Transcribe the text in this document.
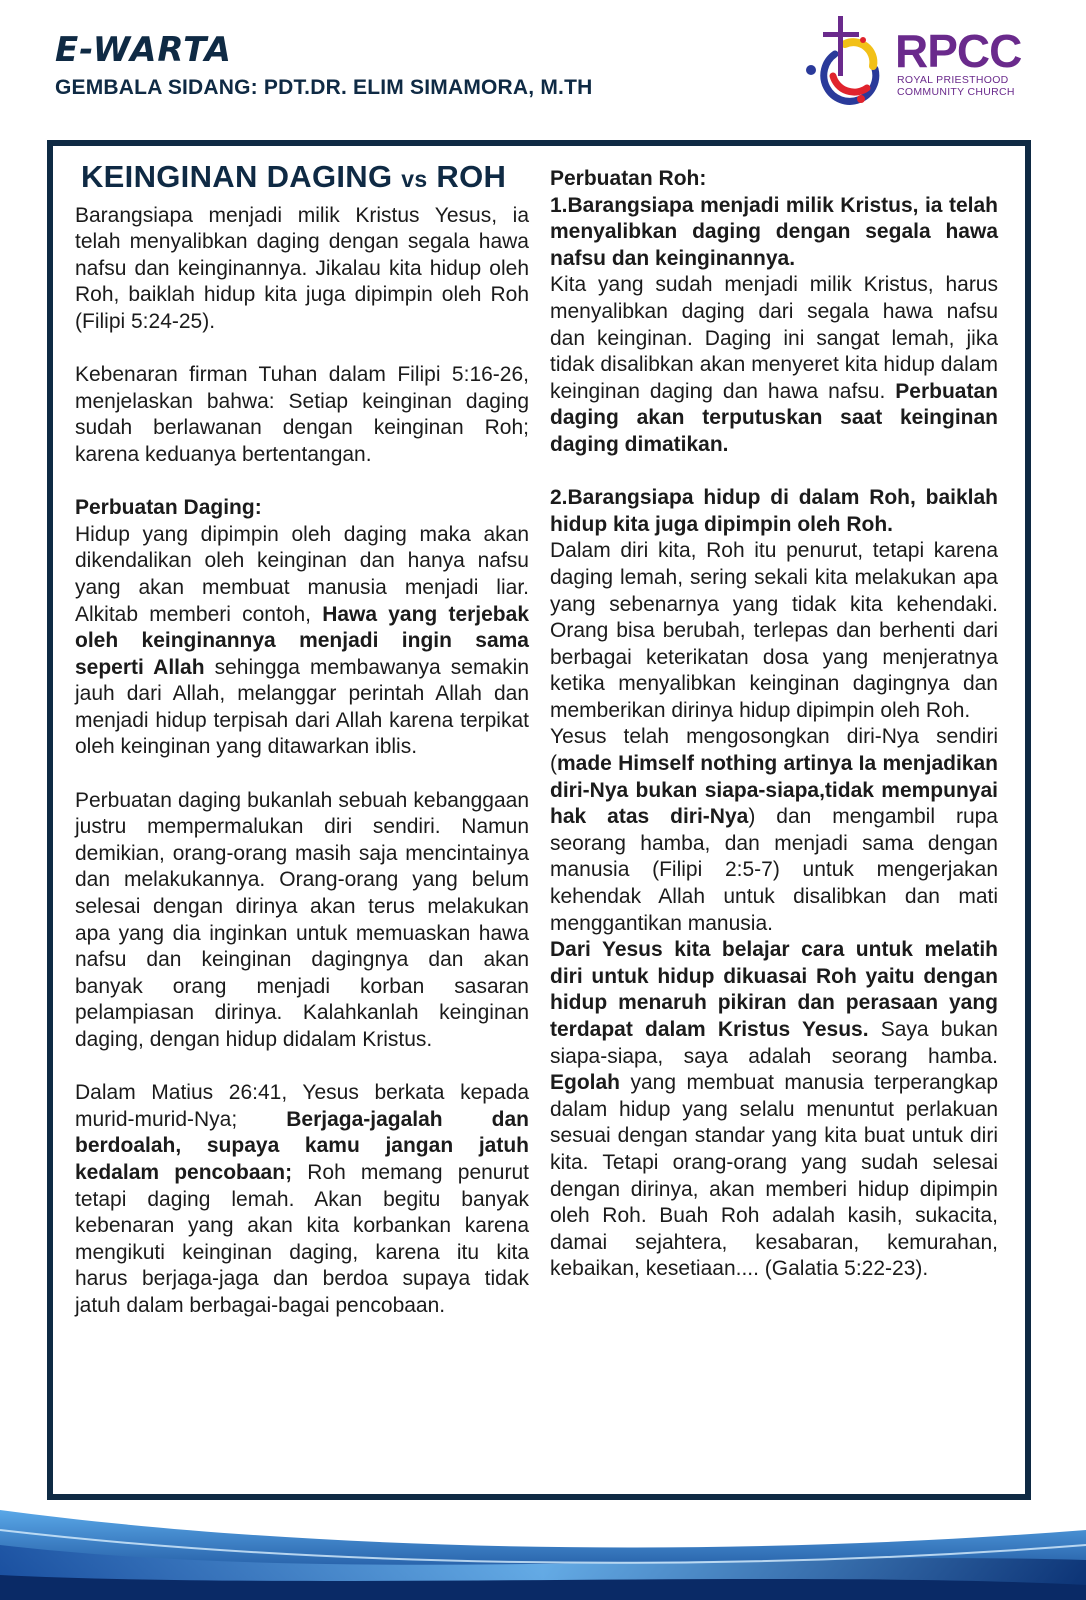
E-WARTA
GEMBALA SIDANG: PDT.DR. ELIM SIMAMORA, M.TH
RPCC
ROYAL PRIESTHOOD
COMMUNITY CHURCH
KEINGINAN DAGING vs ROH

Barangsiapa menjadi milik Kristus Yesus, ia telah menyalibkan daging dengan segala hawa nafsu dan keinginannya. Jikalau kita hidup oleh Roh, baiklah hidup kita juga dipimpin oleh Roh (Filipi 5:24-25).

Kebenaran firman Tuhan dalam Filipi 5:16-26, menjelaskan bahwa: Setiap keinginan daging sudah berlawanan dengan keinginan Roh; karena keduanya bertentangan.

Perbuatan Daging:

Hidup yang dipimpin oleh daging maka akan dikendalikan oleh keinginan dan hanya nafsu yang akan membuat manusia menjadi liar. Alkitab memberi contoh, Hawa yang terjebak oleh keinginannya menjadi ingin sama seperti Allah sehingga membawanya semakin jauh dari Allah, melanggar perintah Allah dan menjadi hidup terpisah dari Allah karena terpikat oleh keinginan yang ditawarkan iblis.

Perbuatan daging bukanlah sebuah kebanggaan justru mempermalukan diri sendiri. Namun demikian, orang-orang masih saja mencintainya dan melakukannya. Orang-orang yang belum selesai dengan dirinya akan terus melakukan apa yang dia inginkan untuk memuaskan hawa nafsu dan keinginan dagingnya dan akan banyak orang menjadi korban sasaran pelampiasan dirinya. Kalahkanlah keinginan daging, dengan hidup didalam Kristus.

Dalam Matius 26:41, Yesus berkata kepada murid-murid-Nya; Berjaga-jagalah dan berdoalah, supaya kamu jangan jatuh kedalam pencobaan; Roh memang penurut tetapi daging lemah. Akan begitu banyak kebenaran yang akan kita korbankan karena mengikuti keinginan daging, karena itu kita harus berjaga-jaga dan berdoa supaya tidak jatuh dalam berbagai-bagai pencobaan.

Perbuatan Roh:

1.Barangsiapa menjadi milik Kristus, ia telah menyalibkan daging dengan segala hawa nafsu dan keinginannya.

Kita yang sudah menjadi milik Kristus, harus menyalibkan daging dari segala hawa nafsu dan keinginan. Daging ini sangat lemah, jika tidak disalibkan akan menyeret kita hidup dalam keinginan daging dan hawa nafsu. Perbuatan daging akan terputuskan saat keinginan daging dimatikan.

2.Barangsiapa hidup di dalam Roh, baiklah hidup kita juga dipimpin oleh Roh.

Dalam diri kita, Roh itu penurut, tetapi karena daging lemah, sering sekali kita melakukan apa yang sebenarnya yang tidak kita kehendaki. Orang bisa berubah, terlepas dan berhenti dari berbagai keterikatan dosa yang menjeratnya ketika menyalibkan keinginan dagingnya dan memberikan dirinya hidup dipimpin oleh Roh.

Yesus telah mengosongkan diri-Nya sendiri (made Himself nothing artinya Ia menjadikan diri-Nya bukan siapa-siapa,tidak mempunyai hak atas diri-Nya) dan mengambil rupa seorang hamba, dan menjadi sama dengan manusia (Filipi 2:5-7) untuk mengerjakan kehendak Allah untuk disalibkan dan mati menggantikan manusia.

Dari Yesus kita belajar cara untuk melatih diri untuk hidup dikuasai Roh yaitu dengan hidup menaruh pikiran dan perasaan yang terdapat dalam Kristus Yesus. Saya bukan siapa-siapa, saya adalah seorang hamba. Egolah yang membuat manusia terperangkap dalam hidup yang selalu menuntut perlakuan sesuai dengan standar yang kita buat untuk diri kita. Tetapi orang-orang yang sudah selesai dengan dirinya, akan memberi hidup dipimpin oleh Roh. Buah Roh adalah kasih, sukacita, damai sejahtera, kesabaran, kemurahan, kebaikan, kesetiaan.... (Galatia 5:22-23).
